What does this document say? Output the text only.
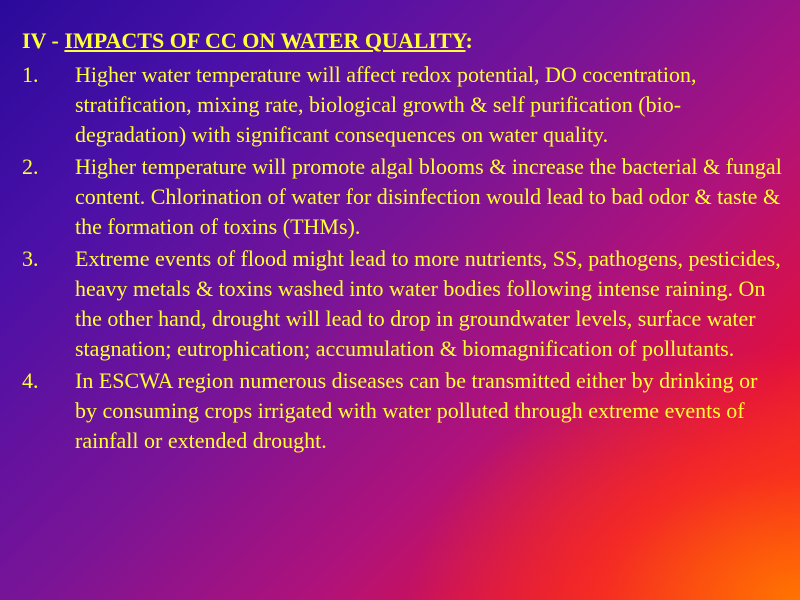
IV - IMPACTS OF CC ON WATER QUALITY:
1. Higher water temperature will affect redox potential, DO cocentration, stratification, mixing rate, biological growth & self purification (bio-degradation) with significant consequences on water quality.
2. Higher temperature will promote algal blooms & increase the bacterial & fungal content. Chlorination of water for disinfection would lead to bad odor & taste & the formation of toxins (THMs).
3. Extreme events of flood might lead to more nutrients, SS, pathogens, pesticides, heavy metals & toxins washed into water bodies following intense raining. On the other hand, drought will lead to drop in groundwater levels, surface water stagnation; eutrophication; accumulation & biomagnification of pollutants.
4. In ESCWA region numerous diseases can be transmitted either by drinking or by consuming crops irrigated with water polluted through extreme events of rainfall or extended drought.
